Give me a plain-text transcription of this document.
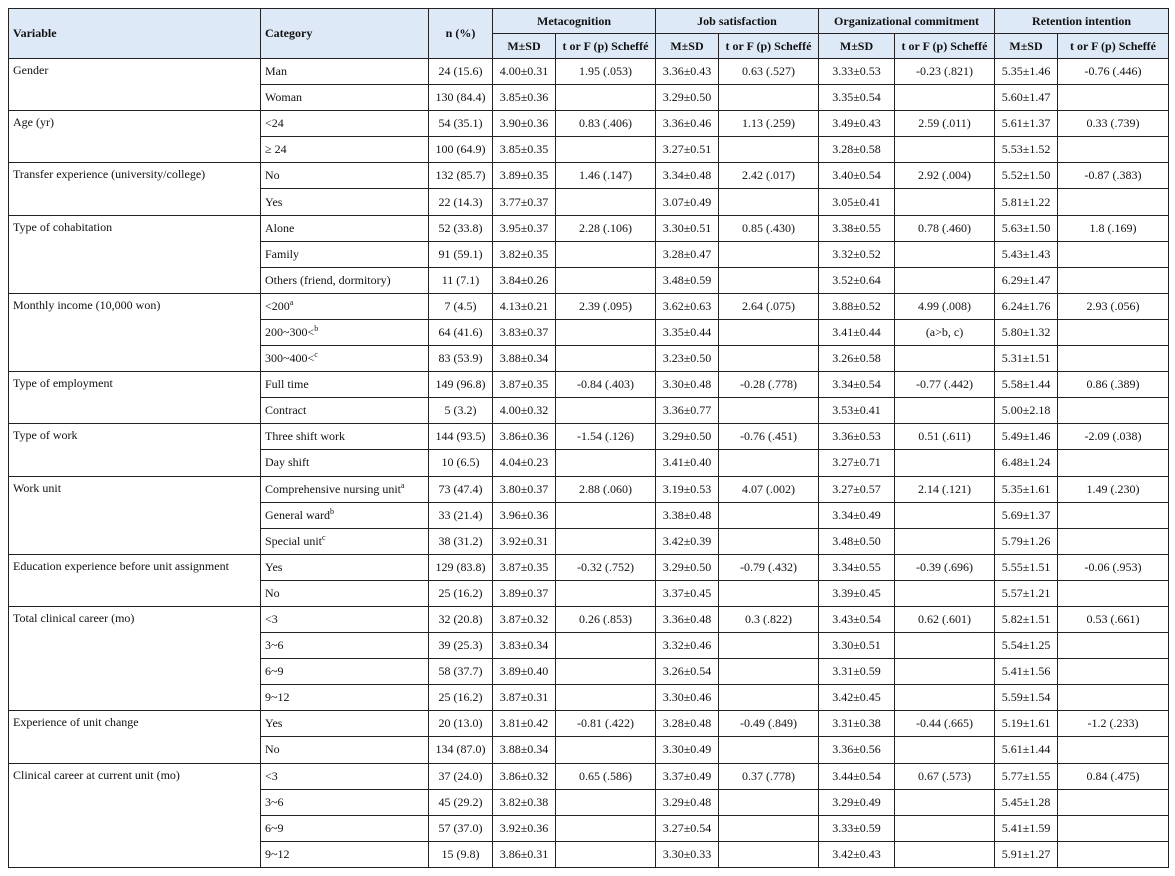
Variable	Category	n (%)	Metacognition		Job satisfaction		Organizational commitment		Retention intention	
			M±SD	t or F (p) Scheffé	M±SD	t or F (p) Scheffé	M±SD	t or F (p) Scheffé	M±SD	t or F (p) Scheffé
Gender	Man	24 (15.6)	4.00±0.31	1.95 (.053)	3.36±0.43	0.63 (.527)	3.33±0.53	-0.23 (.821)	5.35±1.46	-0.76 (.446)
	Woman	130 (84.4)	3.85±0.36		3.29±0.50		3.35±0.54		5.60±1.47	
Age (yr)	<24	54 (35.1)	3.90±0.36	0.83 (.406)	3.36±0.46	1.13 (.259)	3.49±0.43	2.59 (.011)	5.61±1.37	0.33 (.739)
	≥ 24	100 (64.9)	3.85±0.35		3.27±0.51		3.28±0.58		5.53±1.52	
Transfer experience (university/college)	No	132 (85.7)	3.89±0.35	1.46 (.147)	3.34±0.48	2.42 (.017)	3.40±0.54	2.92 (.004)	5.52±1.50	-0.87 (.383)
	Yes	22 (14.3)	3.77±0.37		3.07±0.49		3.05±0.41		5.81±1.22	
Type of cohabitation	Alone	52 (33.8)	3.95±0.37	2.28 (.106)	3.30±0.51	0.85 (.430)	3.38±0.55	0.78 (.460)	5.63±1.50	1.8 (.169)
	Family	91 (59.1)	3.82±0.35		3.28±0.47		3.32±0.52		5.43±1.43	
	Others (friend, dormitory)	11 (7.1)	3.84±0.26		3.48±0.59		3.52±0.64		6.29±1.47	
Monthly income (10,000 won)	$<200^a$	7 (4.5)	4.13±0.21	2.39 (.095)	3.62±0.63	2.64 (.075)	3.88±0.52	4.99 (.008)	6.24±1.76	2.93 (.056)
	200~300<$^b$	64 (41.6)	3.83±0.37		3.35±0.44		3.41±0.44	(a>b, c)	5.80±1.32	
	300~400<$^c$	83 (53.9)	3.88±0.34		3.23±0.50		3.26±0.58		5.31±1.51	
Type of employment	Full time	149 (96.8)	3.87±0.35	-0.84 (.403)	3.30±0.48	-0.28 (.778)	3.34±0.54	-0.77 (.442)	5.58±1.44	0.86 (.389)
	Contract	5 (3.2)	4.00±0.32		3.36±0.77		3.53±0.41		5.00±2.18	
Type of work	Three shift work	144 (93.5)	3.86±0.36	-1.54 (.126)	3.29±0.50	-0.76 (.451)	3.36±0.53	0.51 (.611)	5.49±1.46	-2.09 (.038)
	Day shift	10 (6.5)	4.04±0.23		3.41±0.40		3.27±0.71		6.48±1.24	
Work unit	Comprehensive nursing unit$^a$	73 (47.4)	3.80±0.37	2.88 (.060)	3.19±0.53	4.07 (.002)	3.27±0.57	2.14 (.121)	5.35±1.61	1.49 (.230)
	General ward$^b$	33 (21.4)	3.96±0.36		3.38±0.48		3.34±0.49		5.69±1.37	
	Special unit$^c$	38 (31.2)	3.92±0.31		3.42±0.39		3.48±0.50		5.79±1.26	
Education experience before unit assignment	Yes	129 (83.8)	3.87±0.35	-0.32 (.752)	3.29±0.50	-0.79 (.432)	3.34±0.55	-0.39 (.696)	5.55±1.51	-0.06 (.953)
	No	25 (16.2)	3.89±0.37		3.37±0.45		3.39±0.45		5.57±1.21	
Total clinical career (mo)	<3	32 (20.8)	3.87±0.32	0.26 (.853)	3.36±0.48	0.3 (.822)	3.43±0.54	0.62 (.601)	5.82±1.51	0.53 (.661)
	3~6	39 (25.3)	3.83±0.34		3.32±0.46		3.30±0.51		5.54±1.25	
	6~9	58 (37.7)	3.89±0.40		3.26±0.54		3.31±0.59		5.41±1.56	
	9~12	25 (16.2)	3.87±0.31		3.30±0.46		3.42±0.45		5.59±1.54	
Experience of unit change	Yes	20 (13.0)	3.81±0.42	-0.81 (.422)	3.28±0.48	-0.49 (.849)	3.31±0.38	-0.44 (.665)	5.19±1.61	-1.2 (.233)
	No	134 (87.0)	3.88±0.34		3.30±0.49		3.36±0.56		5.61±1.44	
Clinical career at current unit (mo)	<3	37 (24.0)	3.86±0.32	0.65 (.586)	3.37±0.49	0.37 (.778)	3.44±0.54	0.67 (.573)	5.77±1.55	0.84 (.475)
	3~6	45 (29.2)	3.82±0.38		3.29±0.48		3.29±0.49		5.45±1.28	
	6~9	57 (37.0)	3.92±0.36		3.27±0.54		3.33±0.59		5.41±1.59	
	9~12	15 (9.8)	3.86±0.31		3.30±0.33		3.42±0.43		5.91±1.27	
